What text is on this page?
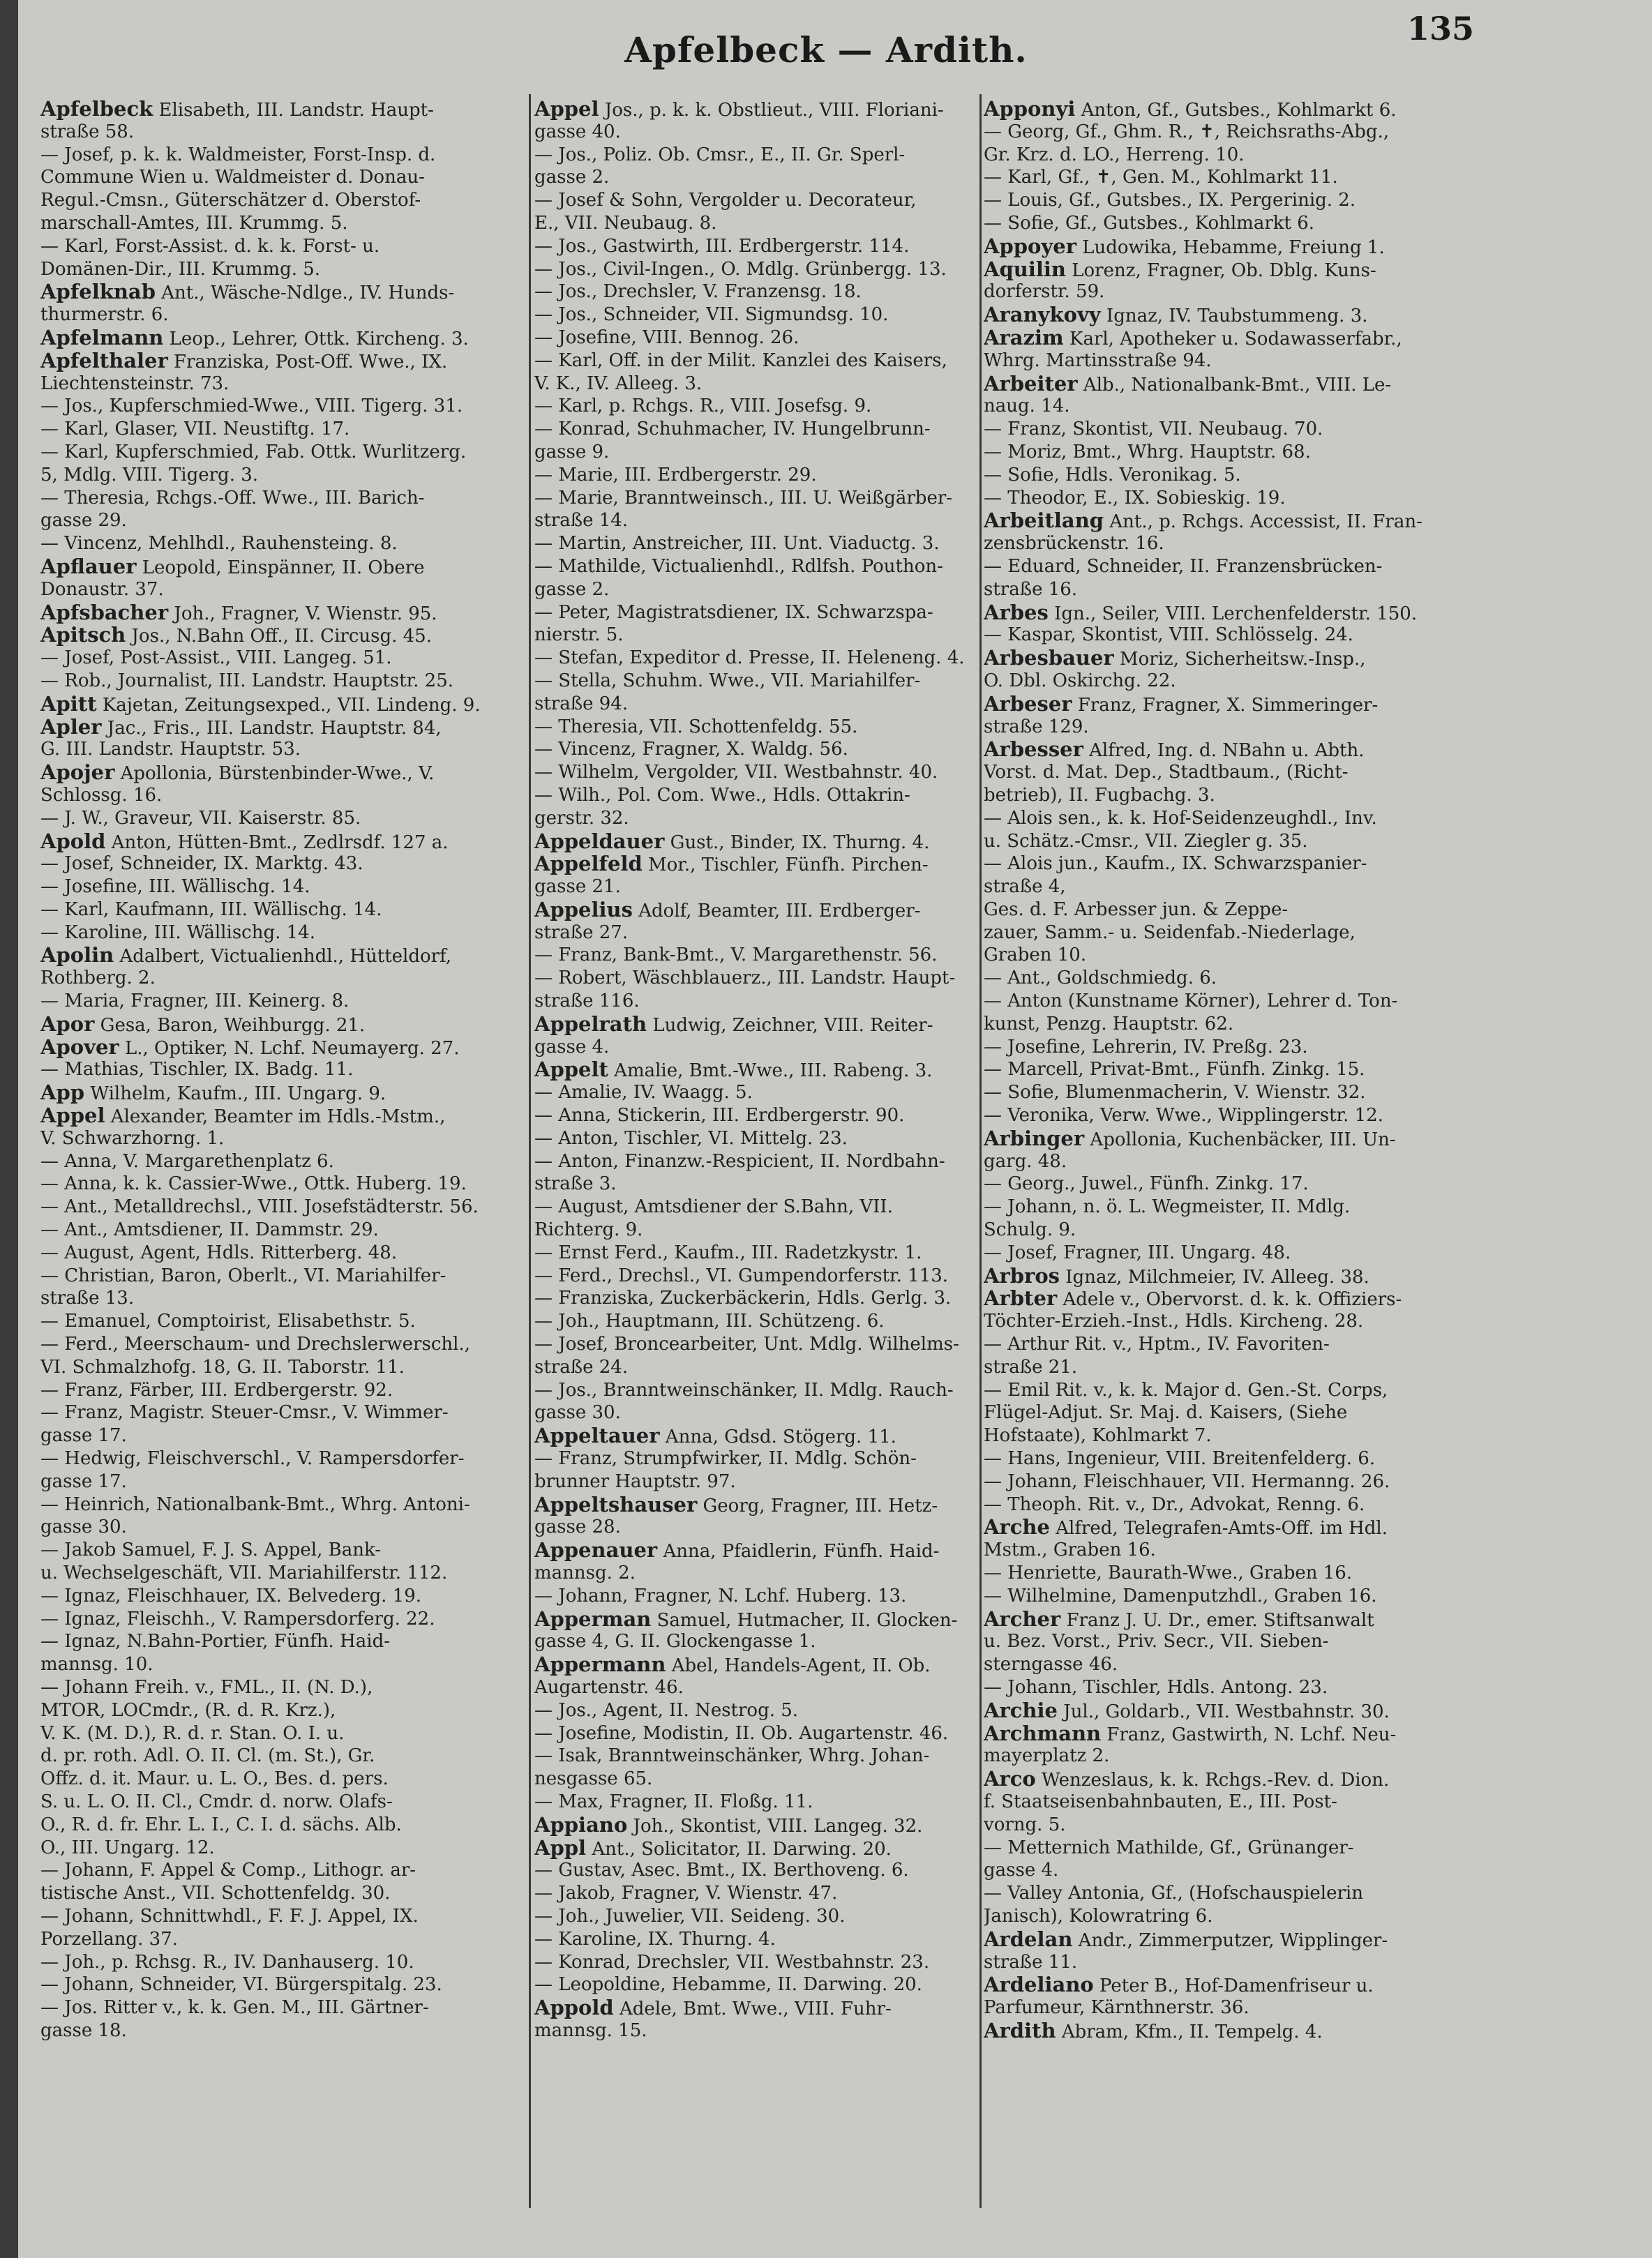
Apfelbeck — Ardith.
135
Apfelbeck Elisabeth, III. Landstr. Haupt-
straße 58.
— Josef, p. k. k. Waldmeister, Forst-Insp. d.
Commune Wien u. Waldmeister d. Donau-
Regul.-Cmsn., Güterschätzer d. Oberstof-
marschall-Amtes, III. Krummg. 5.
— Karl, Forst-Assist. d. k. k. Forst- u.
Domänen-Dir., III. Krummg. 5.
Apfelknab Ant., Wäsche-Ndlge., IV. Hunds-
thurmerstr. 6.
Apfelmann Leop., Lehrer, Ottk. Kircheng. 3.
Apfelthaler Franziska, Post-Off. Wwe., IX.
Liechtensteinstr. 73.
— Jos., Kupferschmied-Wwe., VIII. Tigerg. 31.
— Karl, Glaser, VII. Neustiftg. 17.
— Karl, Kupferschmied, Fab. Ottk. Wurlitzerg.
5, Mdlg. VIII. Tigerg. 3.
— Theresia, Rchgs.-Off. Wwe., III. Barich-
gasse 29.
— Vincenz, Mehlhdl., Rauhensteing. 8.
Apflauer Leopold, Einspänner, II. Obere
Donaustr. 37.
Apfsbacher Joh., Fragner, V. Wienstr. 95.
Apitsch Jos., N.Bahn Off., II. Circusg. 45.
— Josef, Post-Assist., VIII. Langeg. 51.
— Rob., Journalist, III. Landstr. Hauptstr. 25.
Apitt Kajetan, Zeitungsexped., VII. Lindeng. 9.
Apler Jac., Fris., III. Landstr. Hauptstr. 84,
G. III. Landstr. Hauptstr. 53.
Apojer Apollonia, Bürstenbinder-Wwe., V.
Schlossg. 16.
— J. W., Graveur, VII. Kaiserstr. 85.
Apold Anton, Hütten-Bmt., Zedlrsdf. 127 a.
— Josef, Schneider, IX. Marktg. 43.
— Josefine, III. Wällischg. 14.
— Karl, Kaufmann, III. Wällischg. 14.
— Karoline, III. Wällischg. 14.
Apolin Adalbert, Victualienhdl., Hütteldorf,
Rothberg. 2.
— Maria, Fragner, III. Keinerg. 8.
Apor Gesa, Baron, Weihburgg. 21.
Apover L., Optiker, N. Lchf. Neumayerg. 27.
— Mathias, Tischler, IX. Badg. 11.
App Wilhelm, Kaufm., III. Ungarg. 9.
Appel Alexander, Beamter im Hdls.-Mstm.,
V. Schwarzhorng. 1.
— Anna, V. Margarethenplatz 6.
— Anna, k. k. Cassier-Wwe., Ottk. Huberg. 19.
— Ant., Metalldrechsl., VIII. Josefstädterstr. 56.
— Ant., Amtsdiener, II. Dammstr. 29.
— August, Agent, Hdls. Ritterberg. 48.
— Christian, Baron, Oberlt., VI. Mariahilfer-
straße 13.
— Emanuel, Comptoirist, Elisabethstr. 5.
— Ferd., Meerschaum- und Drechslerwerschl.,
VI. Schmalzhofg. 18, G. II. Taborstr. 11.
— Franz, Färber, III. Erdbergerstr. 92.
— Franz, Magistr. Steuer-Cmsr., V. Wimmer-
gasse 17.
— Hedwig, Fleischverschl., V. Rampersdorfer-
gasse 17.
— Heinrich, Nationalbank-Bmt., Whrg. Antoni-
gasse 30.
— Jakob Samuel, F. J. S. Appel, Bank-
u. Wechselgeschäft, VII. Mariahilferstr. 112.
— Ignaz, Fleischhauer, IX. Belvederg. 19.
— Ignaz, Fleischh., V. Rampersdorferg. 22.
— Ignaz, N.Bahn-Portier, Fünfh. Haid-
mannsg. 10.
— Johann Freih. v., FML., II. (N. D.),
MTOR, LOCmdr., (R. d. R. Krz.),
V. K. (M. D.), R. d. r. Stan. O. I. u.
d. pr. roth. Adl. O. II. Cl. (m. St.), Gr.
Offz. d. it. Maur. u. L. O., Bes. d. pers.
S. u. L. O. II. Cl., Cmdr. d. norw. Olafs-
O., R. d. fr. Ehr. L. I., C. I. d. sächs. Alb.
O., III. Ungarg. 12.
— Johann, F. Appel & Comp., Lithogr. ar-
tistische Anst., VII. Schottenfeldg. 30.
— Johann, Schnittwhdl., F. F. J. Appel, IX.
Porzellang. 37.
— Joh., p. Rchsg. R., IV. Danhauserg. 10.
— Johann, Schneider, VI. Bürgerspitalg. 23.
— Jos. Ritter v., k. k. Gen. M., III. Gärtner-
gasse 18.
Appel Jos., p. k. k. Obstlieut., VIII. Floriani-
gasse 40.
— Jos., Poliz. Ob. Cmsr., E., II. Gr. Sperl-
gasse 2.
— Josef & Sohn, Vergolder u. Decorateur,
E., VII. Neubaug. 8.
— Jos., Gastwirth, III. Erdbergerstr. 114.
— Jos., Civil-Ingen., O. Mdlg. Grünbergg. 13.
— Jos., Drechsler, V. Franzensg. 18.
— Jos., Schneider, VII. Sigmundsg. 10.
— Josefine, VIII. Bennog. 26.
— Karl, Off. in der Milit. Kanzlei des Kaisers,
V. K., IV. Alleeg. 3.
— Karl, p. Rchgs. R., VIII. Josefsg. 9.
— Konrad, Schuhmacher, IV. Hungelbrunn-
gasse 9.
— Marie, III. Erdbergerstr. 29.
— Marie, Branntweinsch., III. U. Weißgärber-
straße 14.
— Martin, Anstreicher, III. Unt. Viaductg. 3.
— Mathilde, Victualienhdl., Rdlfsh. Pouthon-
gasse 2.
— Peter, Magistratsdiener, IX. Schwarzspa-
nierstr. 5.
— Stefan, Expeditor d. Presse, II. Heleneng. 4.
— Stella, Schuhm. Wwe., VII. Mariahilfer-
straße 94.
— Theresia, VII. Schottenfeldg. 55.
— Vincenz, Fragner, X. Waldg. 56.
— Wilhelm, Vergolder, VII. Westbahnstr. 40.
— Wilh., Pol. Com. Wwe., Hdls. Ottakrin-
gerstr. 32.
Appeldauer Gust., Binder, IX. Thurng. 4.
Appelfeld Mor., Tischler, Fünfh. Pirchen-
gasse 21.
Appelius Adolf, Beamter, III. Erdberger-
straße 27.
— Franz, Bank-Bmt., V. Margarethenstr. 56.
— Robert, Wäschblauerz., III. Landstr. Haupt-
straße 116.
Appelrath Ludwig, Zeichner, VIII. Reiter-
gasse 4.
Appelt Amalie, Bmt.-Wwe., III. Rabeng. 3.
— Amalie, IV. Waagg. 5.
— Anna, Stickerin, III. Erdbergerstr. 90.
— Anton, Tischler, VI. Mittelg. 23.
— Anton, Finanzw.-Respicient, II. Nordbahn-
straße 3.
— August, Amtsdiener der S.Bahn, VII.
Richterg. 9.
— Ernst Ferd., Kaufm., III. Radetzkystr. 1.
— Ferd., Drechsl., VI. Gumpendorferstr. 113.
— Franziska, Zuckerbäckerin, Hdls. Gerlg. 3.
— Joh., Hauptmann, III. Schützeng. 6.
— Josef, Broncearbeiter, Unt. Mdlg. Wilhelms-
straße 24.
— Jos., Branntweinschänker, II. Mdlg. Rauch-
gasse 30.
Appeltauer Anna, Gdsd. Stögerg. 11.
— Franz, Strumpfwirker, II. Mdlg. Schön-
brunner Hauptstr. 97.
Appeltshauser Georg, Fragner, III. Hetz-
gasse 28.
Appenauer Anna, Pfaidlerin, Fünfh. Haid-
mannsg. 2.
— Johann, Fragner, N. Lchf. Huberg. 13.
Apperman Samuel, Hutmacher, II. Glocken-
gasse 4, G. II. Glockengasse 1.
Appermann Abel, Handels-Agent, II. Ob.
Augartenstr. 46.
— Jos., Agent, II. Nestrog. 5.
— Josefine, Modistin, II. Ob. Augartenstr. 46.
— Isak, Branntweinschänker, Whrg. Johan-
nesgasse 65.
— Max, Fragner, II. Floßg. 11.
Appiano Joh., Skontist, VIII. Langeg. 32.
Appl Ant., Solicitator, II. Darwing. 20.
— Gustav, Asec. Bmt., IX. Berthoveng. 6.
— Jakob, Fragner, V. Wienstr. 47.
— Joh., Juwelier, VII. Seideng. 30.
— Karoline, IX. Thurng. 4.
— Konrad, Drechsler, VII. Westbahnstr. 23.
— Leopoldine, Hebamme, II. Darwing. 20.
Appold Adele, Bmt. Wwe., VIII. Fuhr-
mannsg. 15.
Apponyi Anton, Gf., Gutsbes., Kohlmarkt 6.
— Georg, Gf., Ghm. R., ✝, Reichsraths-Abg.,
Gr. Krz. d. LO., Herreng. 10.
— Karl, Gf., ✝, Gen. M., Kohlmarkt 11.
— Louis, Gf., Gutsbes., IX. Pergerinig. 2.
— Sofie, Gf., Gutsbes., Kohlmarkt 6.
Appoyer Ludowika, Hebamme, Freiung 1.
Aquilin Lorenz, Fragner, Ob. Dblg. Kuns-
dorferstr. 59.
Aranykovy Ignaz, IV. Taubstummeng. 3.
Arazim Karl, Apotheker u. Sodawasserfabr.,
Whrg. Martinsstraße 94.
Arbeiter Alb., Nationalbank-Bmt., VIII. Le-
naug. 14.
— Franz, Skontist, VII. Neubaug. 70.
— Moriz, Bmt., Whrg. Hauptstr. 68.
— Sofie, Hdls. Veronikag. 5.
— Theodor, E., IX. Sobieskig. 19.
Arbeitlang Ant., p. Rchgs. Accessist, II. Fran-
zensbrückenstr. 16.
— Eduard, Schneider, II. Franzensbrücken-
straße 16.
Arbes Ign., Seiler, VIII. Lerchenfelderstr. 150.
— Kaspar, Skontist, VIII. Schlösselg. 24.
Arbesbauer Moriz, Sicherheitsw.-Insp.,
O. Dbl. Oskirchg. 22.
Arbeser Franz, Fragner, X. Simmeringer-
straße 129.
Arbesser Alfred, Ing. d. NBahn u. Abth.
Vorst. d. Mat. Dep., Stadtbaum., (Richt-
betrieb), II. Fugbachg. 3.
— Alois sen., k. k. Hof-Seidenzeughdl., Inv.
u. Schätz.-Cmsr., VII. Ziegler g. 35.
— Alois jun., Kaufm., IX. Schwarzspanier-
straße 4,
Ges. d. F. Arbesser jun. & Zeppe-
zauer, Samm.- u. Seidenfab.-Niederlage,
Graben 10.
— Ant., Goldschmiedg. 6.
— Anton (Kunstname Körner), Lehrer d. Ton-
kunst, Penzg. Hauptstr. 62.
— Josefine, Lehrerin, IV. Preßg. 23.
— Marcell, Privat-Bmt., Fünfh. Zinkg. 15.
— Sofie, Blumenmacherin, V. Wienstr. 32.
— Veronika, Verw. Wwe., Wipplingerstr. 12.
Arbinger Apollonia, Kuchenbäcker, III. Un-
garg. 48.
— Georg., Juwel., Fünfh. Zinkg. 17.
— Johann, n. ö. L. Wegmeister, II. Mdlg.
Schulg. 9.
— Josef, Fragner, III. Ungarg. 48.
Arbros Ignaz, Milchmeier, IV. Alleeg. 38.
Arbter Adele v., Obervorst. d. k. k. Offiziers-
Töchter-Erzieh.-Inst., Hdls. Kircheng. 28.
— Arthur Rit. v., Hptm., IV. Favoriten-
straße 21.
— Emil Rit. v., k. k. Major d. Gen.-St. Corps,
Flügel-Adjut. Sr. Maj. d. Kaisers, (Siehe
Hofstaate), Kohlmarkt 7.
— Hans, Ingenieur, VIII. Breitenfelderg. 6.
— Johann, Fleischhauer, VII. Hermanng. 26.
— Theoph. Rit. v., Dr., Advokat, Renng. 6.
Arche Alfred, Telegrafen-Amts-Off. im Hdl.
Mstm., Graben 16.
— Henriette, Baurath-Wwe., Graben 16.
— Wilhelmine, Damenputzhdl., Graben 16.
Archer Franz J. U. Dr., emer. Stiftsanwalt
u. Bez. Vorst., Priv. Secr., VII. Sieben-
sterngasse 46.
— Johann, Tischler, Hdls. Antong. 23.
Archie Jul., Goldarb., VII. Westbahnstr. 30.
Archmann Franz, Gastwirth, N. Lchf. Neu-
mayerplatz 2.
Arco Wenzeslaus, k. k. Rchgs.-Rev. d. Dion.
f. Staatseisenbahnbauten, E., III. Post-
vorng. 5.
— Metternich Mathilde, Gf., Grünanger-
gasse 4.
— Valley Antonia, Gf., (Hofschauspielerin
Janisch), Kolowratring 6.
Ardelan Andr., Zimmerputzer, Wipplinger-
straße 11.
Ardeliano Peter B., Hof-Damenfriseur u.
Parfumeur, Kärnthnerstr. 36.
Ardith Abram, Kfm., II. Tempelg. 4.
